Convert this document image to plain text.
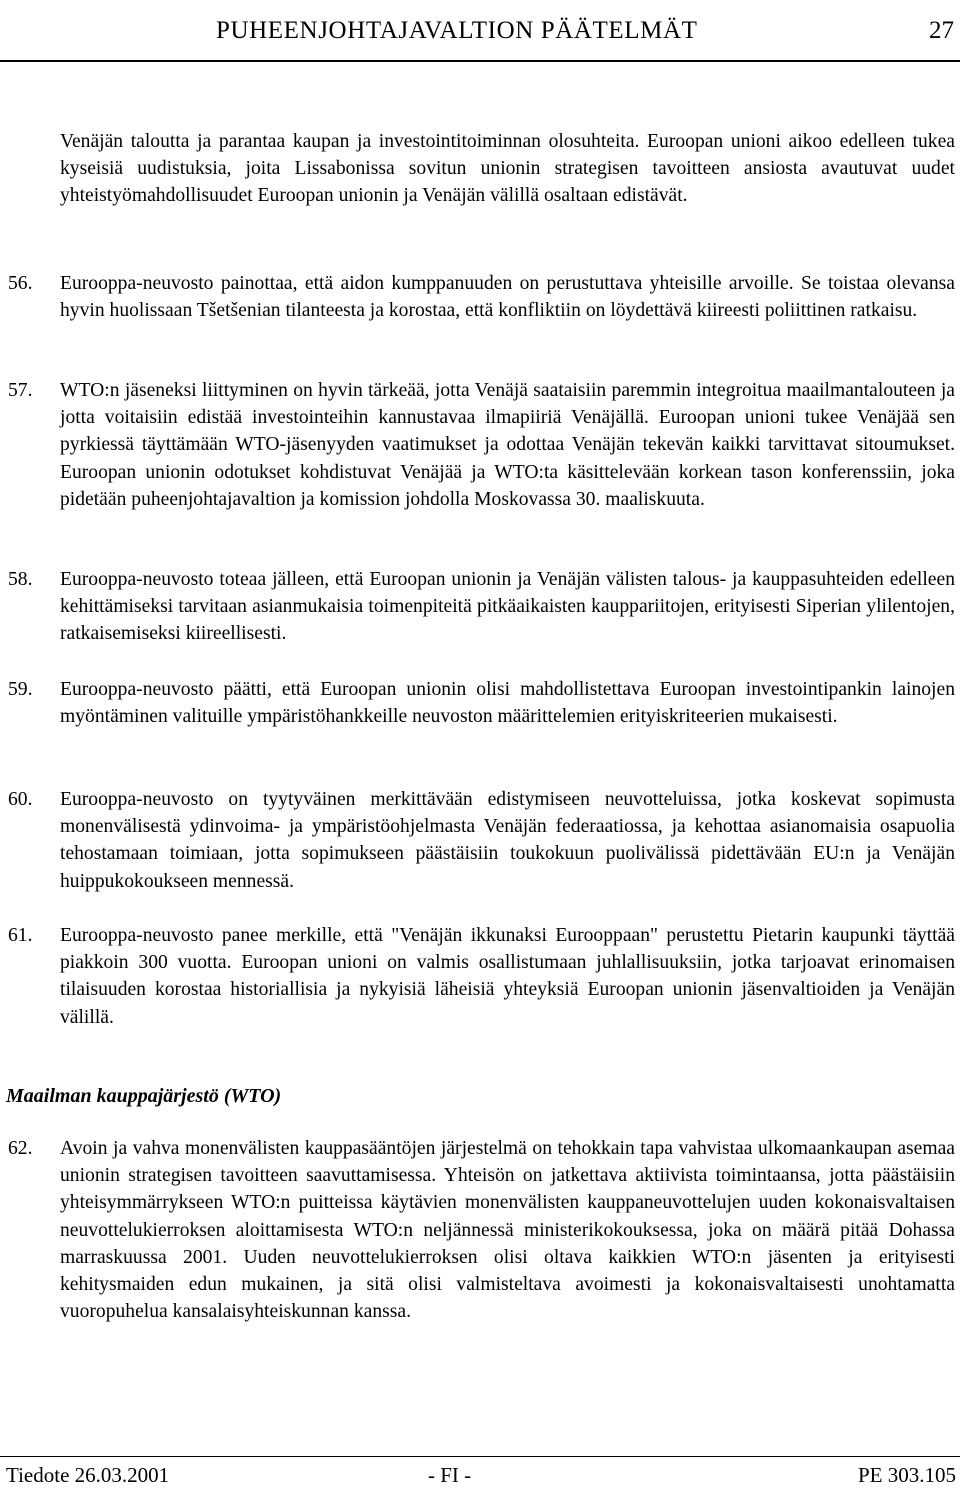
PUHEENJOHTAJAVALTION PÄÄTELMÄT	27

Venäjän taloutta ja parantaa kaupan ja investointitoiminnan olosuhteita. Euroopan unioni aikoo edelleen tukea kyseisiä uudistuksia, joita Lissabonissa sovitun unionin strategisen tavoitteen ansiosta avautuvat uudet yhteistyömahdollisuudet Euroopan unionin ja Venäjän välillä osaltaan edistävät.

56. Eurooppa-neuvosto painottaa, että aidon kumppanuuden on perustuttava yhteisille arvoille. Se toistaa olevansa hyvin huolissaan Tšetšenian tilanteesta ja korostaa, että konfliktiin on löydettävä kiireesti poliittinen ratkaisu.

57. WTO:n jäseneksi liittyminen on hyvin tärkeää, jotta Venäjä saataisiin paremmin integroitua maailmantalouteen ja jotta voitaisiin edistää investointeihin kannustavaa ilmapiiriä Venäjällä. Euroopan unioni tukee Venäjää sen pyrkiessä täyttämään WTO-jäsenyyden vaatimukset ja odottaa Venäjän tekevän kaikki tarvittavat sitoumukset. Euroopan unionin odotukset kohdistuvat Venäjää ja WTO:ta käsittelevään korkean tason konferenssiin, joka pidetään puheenjohtajavaltion ja komission johdolla Moskovassa 30. maaliskuuta.

58. Eurooppa-neuvosto toteaa jälleen, että Euroopan unionin ja Venäjän välisten talous- ja kauppasuhteiden edelleen kehittämiseksi tarvitaan asianmukaisia toimenpiteitä pitkäaikaisten kauppariitojen, erityisesti Siperian ylilentojen, ratkaisemiseksi kiireellisesti.

59. Eurooppa-neuvosto päätti, että Euroopan unionin olisi mahdollistettava Euroopan investointipankin lainojen myöntäminen valituille ympäristöhankkeille neuvoston määrittelemien erityiskriteerien mukaisesti.

60. Eurooppa-neuvosto on tyytyväinen merkittävään edistymiseen neuvotteluissa, jotka koskevat sopimusta monenvälisestä ydinvoima- ja ympäristöohjelmasta Venäjän federaatiossa, ja kehottaa asianomaisia osapuolia tehostamaan toimiaan, jotta sopimukseen päästäisiin toukokuun puolivälissä pidettävään EU:n ja Venäjän huippukokoukseen mennessä.

61. Eurooppa-neuvosto panee merkille, että "Venäjän ikkunaksi Eurooppaan" perustettu Pietarin kaupunki täyttää piakkoin 300 vuotta. Euroopan unioni on valmis osallistumaan juhlallisuuksiin, jotka tarjoavat erinomaisen tilaisuuden korostaa historiallisia ja nykyisiä läheisiä yhteyksiä Euroopan unionin jäsenvaltioiden ja Venäjän välillä.

Maailman kauppajärjestö (WTO)
62. Avoin ja vahva monenvälisten kauppasääntöjen järjestelmä on tehokkain tapa vahvistaa ulkomaankaupan asemaa unionin strategisen tavoitteen saavuttamisessa. Yhteisön on jatkettava aktiivista toimintaansa, jotta päästäisiin yhteisymmärrykseen WTO:n puitteissa käytävien monenvälisten kauppaneuvottelujen uuden kokonaisvaltaisen neuvottelukierroksen aloittamisesta WTO:n neljännessä ministerikokouksessa, joka on määrä pitää Dohassa marraskuussa 2001. Uuden neuvottelukierroksen olisi oltava kaikkien WTO:n jäsenten ja erityisesti kehitysmaiden edun mukainen, ja sitä olisi valmisteltava avoimesti ja kokonaisvaltaisesti unohtamatta vuoropuhelua kansalaisyhteiskunnan kanssa.

Tiedote 26.03.2001	- FI -	PE 303.105
